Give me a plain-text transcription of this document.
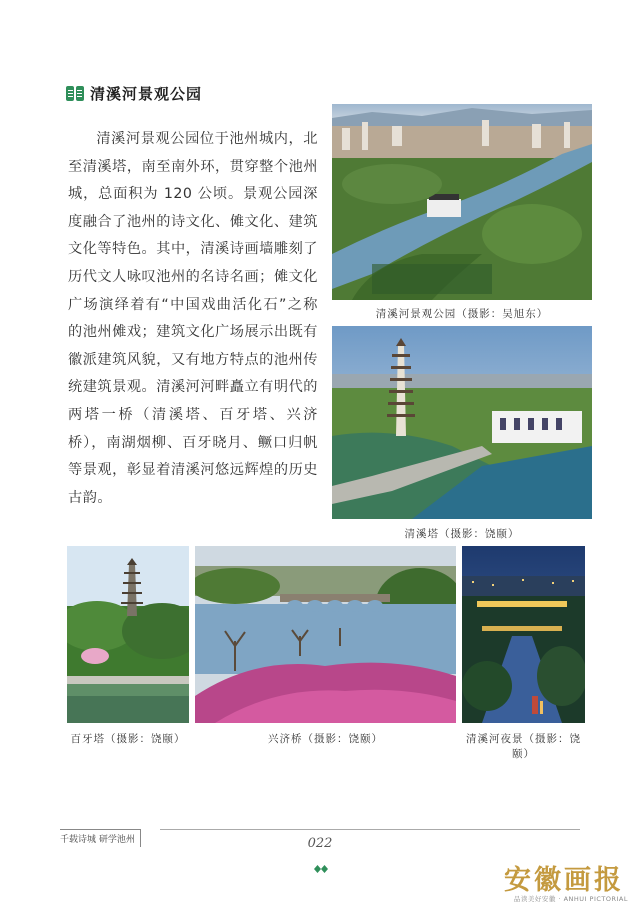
清溪河景观公园

清溪河景观公园位于池州城内，北至清溪塔，南至南外环，贯穿整个池州城，总面积为 120 公顷。景观公园深度融合了池州的诗文化、傩文化、建筑文化等特色。其中，清溪诗画墙雕刻了历代文人咏叹池州的名诗名画；傩文化广场演绎着有“中国戏曲活化石”之称的池州傩戏；建筑文化广场展示出既有徽派建筑风貌，又有地方特点的池州传统建筑景观。清溪河河畔矗立有明代的两塔一桥（清溪塔、百牙塔、兴济桥），南湖烟柳、百牙晓月、鳜口归帆等景观，彰显着清溪河悠远辉煌的历史古韵。

清溪河景观公园（摄影：吴旭东）
清溪塔（摄影：饶颐）
百牙塔（摄影：饶颐）	兴济桥（摄影：饶颐）	清溪河夜景（摄影：饶颐）
千载诗城 研学池州	022
安徽画报
品读美好安徽 · ANHUI PICTORIAL
